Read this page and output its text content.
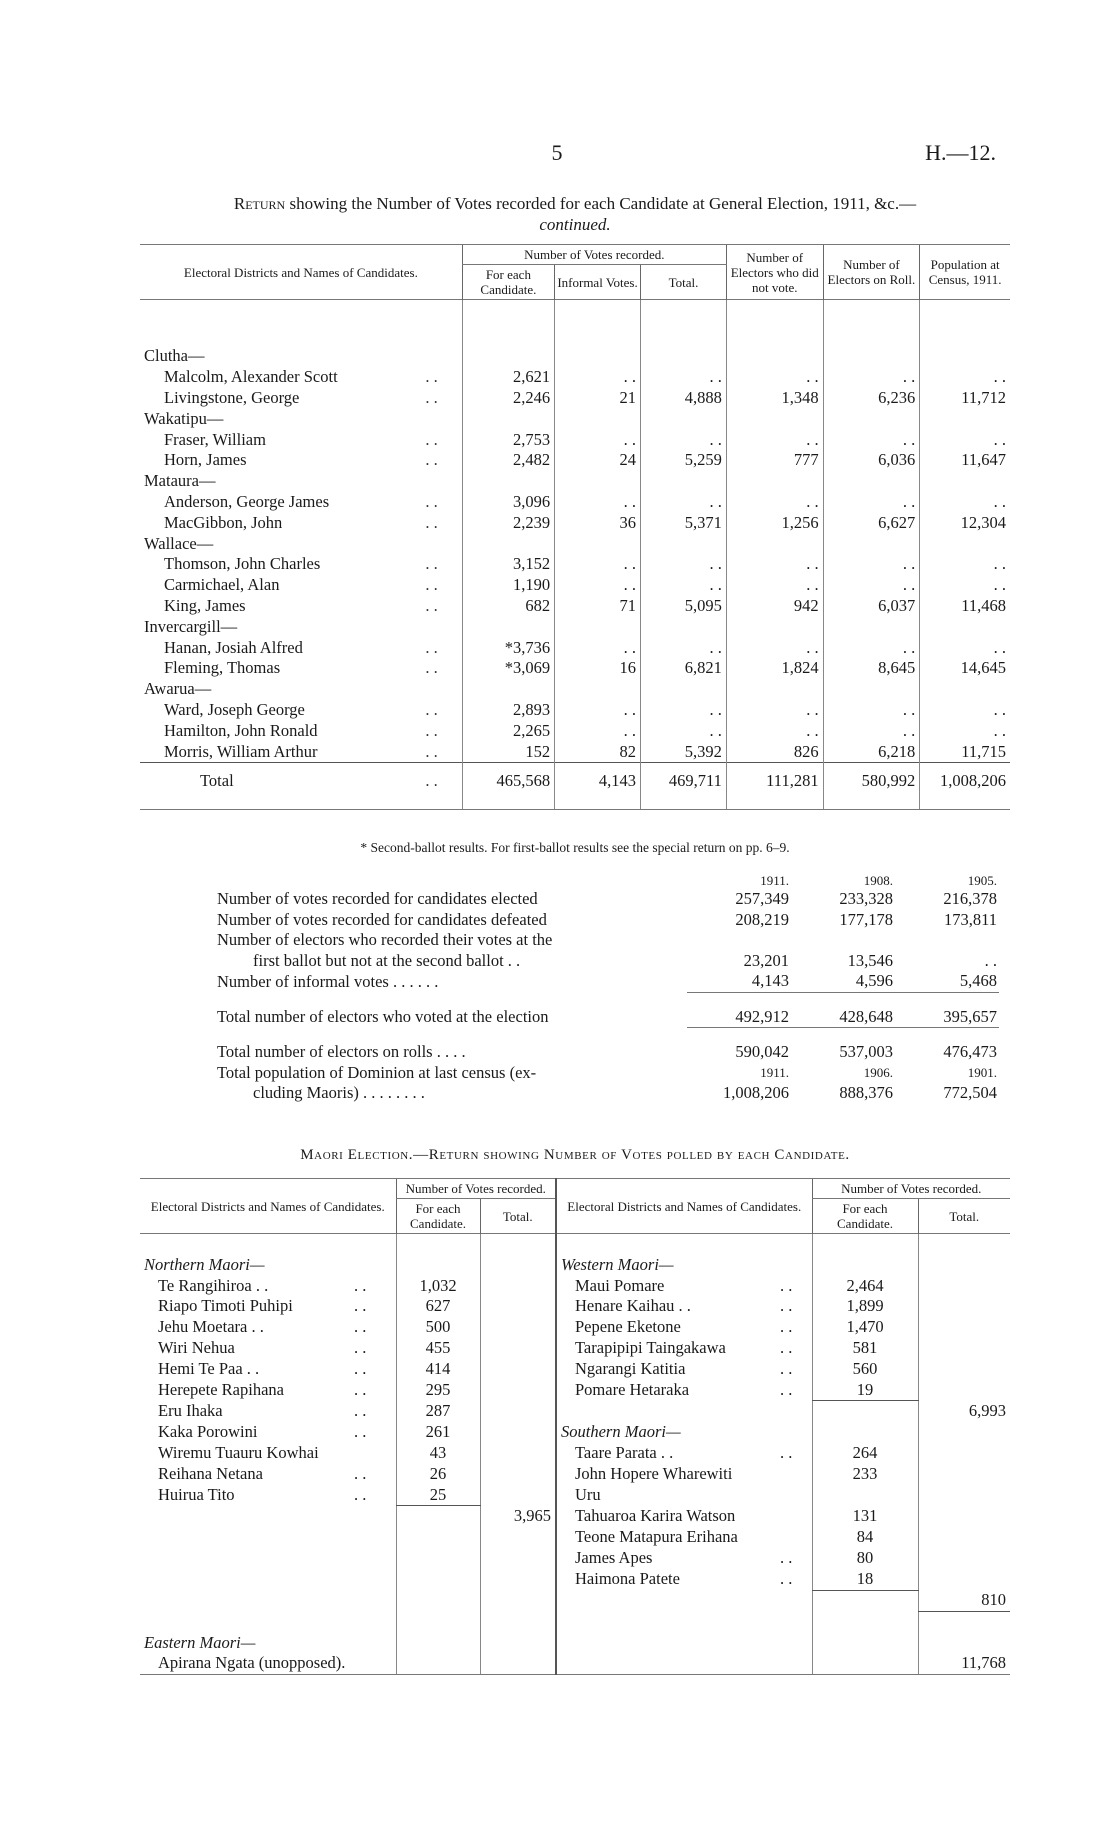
5	H.—12.
Return showing the Number of Votes recorded for each Candidate at General Election, 1911, &c.—
continued.
Electoral Districts and Names of Candidates.		Number of Votes recorded.			Number of Electors who did not vote.	Number of Electors on Roll.	Population at Census, 1911.
		For each Candidate.	Informal Votes.	Total.			

Clutha—							
Malcolm, Alexander Scott	. .	2,621	. .	. .	. .	. .	. .
Livingstone, George	. .	2,246	21	4,888	1,348	6,236	11,712
Wakatipu—							
Fraser, William	. .	2,753	. .	. .	. .	. .	. .
Horn, James	. .	2,482	24	5,259	777	6,036	11,647
Mataura—							
Anderson, George James	. .	3,096	. .	. .	. .	. .	. .
MacGibbon, John	. .	2,239	36	5,371	1,256	6,627	12,304
Wallace—							
Thomson, John Charles	. .	3,152	. .	. .	. .	. .	. .
Carmichael, Alan	. .	1,190	. .	. .	. .	. .	. .
King, James	. .	682	71	5,095	942	6,037	11,468
Invercargill—							
Hanan, Josiah Alfred	. .	*3,736	. .	. .	. .	. .	. .
Fleming, Thomas	. .	*3,069	16	6,821	1,824	8,645	14,645
Awarua—							
Ward, Joseph George	. .	2,893	. .	. .	. .	. .	. .
Hamilton, John Ronald	. .	2,265	. .	. .	. .	. .	. .
Morris, William Arthur	. .	152	82	5,392	826	6,218	11,715
Total	. .	465,568	4,143	469,711	111,281	580,992	1,008,206

* Second-ballot results. For first-ballot results see the special return on pp. 6–9.
	1911.	1908.	1905.
Number of votes recorded for candidates elected	257,349	233,328	216,378
Number of votes recorded for candidates defeated	208,219	177,178	173,811
Number of electors who recorded their votes at the			
first ballot but not at the second ballot . .	23,201	13,546	. .
Number of informal votes . . . . . .	4,143	4,596	5,468

Total number of electors who voted at the election	492,912	428,648	395,657

Total number of electors on rolls . . . .	590,042	537,003	476,473
Total population of Dominion at last census (ex-	1911.	1906.	1901.
cluding Maoris) . . . . . . . .	1,008,206	888,376	772,504
Maori Election.—Return showing Number of Votes polled by each Candidate.
Electoral Districts and Names of Candidates.		Number of Votes recorded.		Electoral Districts and Names of Candidates.		Number of Votes recorded.	
		For each Candidate.	Total.			For each Candidate.	Total.

Northern Maori—				Western Maori—			
Te Rangihiroa . .	. .	1,032		Maui Pomare	. .	2,464	
Riapo Timoti Puhipi	. .	627		Henare Kaihau . .	. .	1,899	
Jehu Moetara . .	. .	500		Pepene Eketone	. .	1,470	
Wiri Nehua	. .	455		Tarapipipi Taingakawa	. .	581	
Hemi Te Paa . .	. .	414		Ngarangi Katitia	. .	560	
Herepete Rapihana	. .	295		Pomare Hetaraka	. .	19	
Eru Ihaka	. .	287					6,993
Kaka Porowini	. .	261		Southern Maori—			
Wiremu Tuauru Kowhai		43		Taare Parata . .	. .	264	
Reihana Netana	. .	26		John Hopere Wharewiti		233	
Huirua Tito	. .	25		Uru			
			3,965	Tahuaroa Karira Watson		131	
				Teone Matapura Erihana		84	
				James Apes	. .	80	
				Haimona Patete	. .	18	
							810

Eastern Maori—							
Apirana Ngata (unopposed).							11,768
